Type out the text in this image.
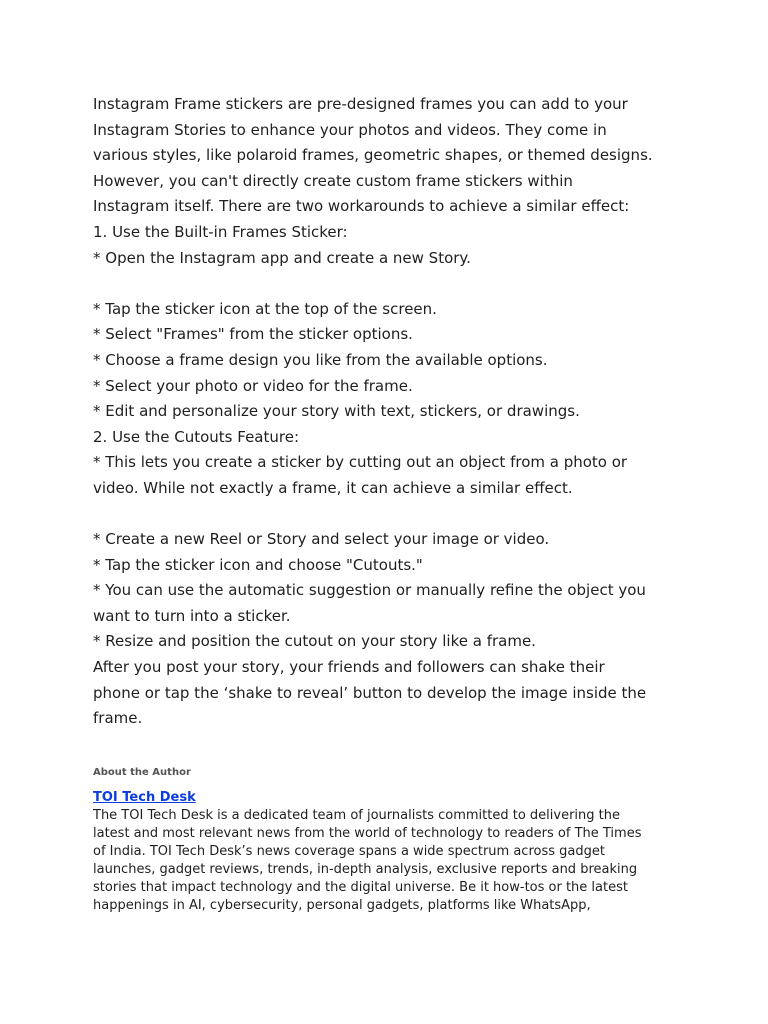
Instagram Frame stickers are pre-designed frames you can add to your
Instagram Stories to enhance your photos and videos. They come in
various styles, like polaroid frames, geometric shapes, or themed designs.
However, you can't directly create custom frame stickers within
Instagram itself. There are two workarounds to achieve a similar effect:
1. Use the Built-in Frames Sticker:
* Open the Instagram app and create a new Story.
* Tap the sticker icon at the top of the screen.
* Select "Frames" from the sticker options.
* Choose a frame design you like from the available options.
* Select your photo or video for the frame.
* Edit and personalize your story with text, stickers, or drawings.
2. Use the Cutouts Feature:
* This lets you create a sticker by cutting out an object from a photo or
video. While not exactly a frame, it can achieve a similar effect.
* Create a new Reel or Story and select your image or video.
* Tap the sticker icon and choose "Cutouts."
* You can use the automatic suggestion or manually refine the object you
want to turn into a sticker.
* Resize and position the cutout on your story like a frame.
After you post your story, your friends and followers can shake their
phone or tap the ‘shake to reveal’ button to develop the image inside the
frame.
About the Author
TOI Tech Desk
The TOI Tech Desk is a dedicated team of journalists committed to delivering the
latest and most relevant news from the world of technology to readers of The Times
of India. TOI Tech Desk’s news coverage spans a wide spectrum across gadget
launches, gadget reviews, trends, in-depth analysis, exclusive reports and breaking
stories that impact technology and the digital universe. Be it how-tos or the latest
happenings in AI, cybersecurity, personal gadgets, platforms like WhatsApp,
